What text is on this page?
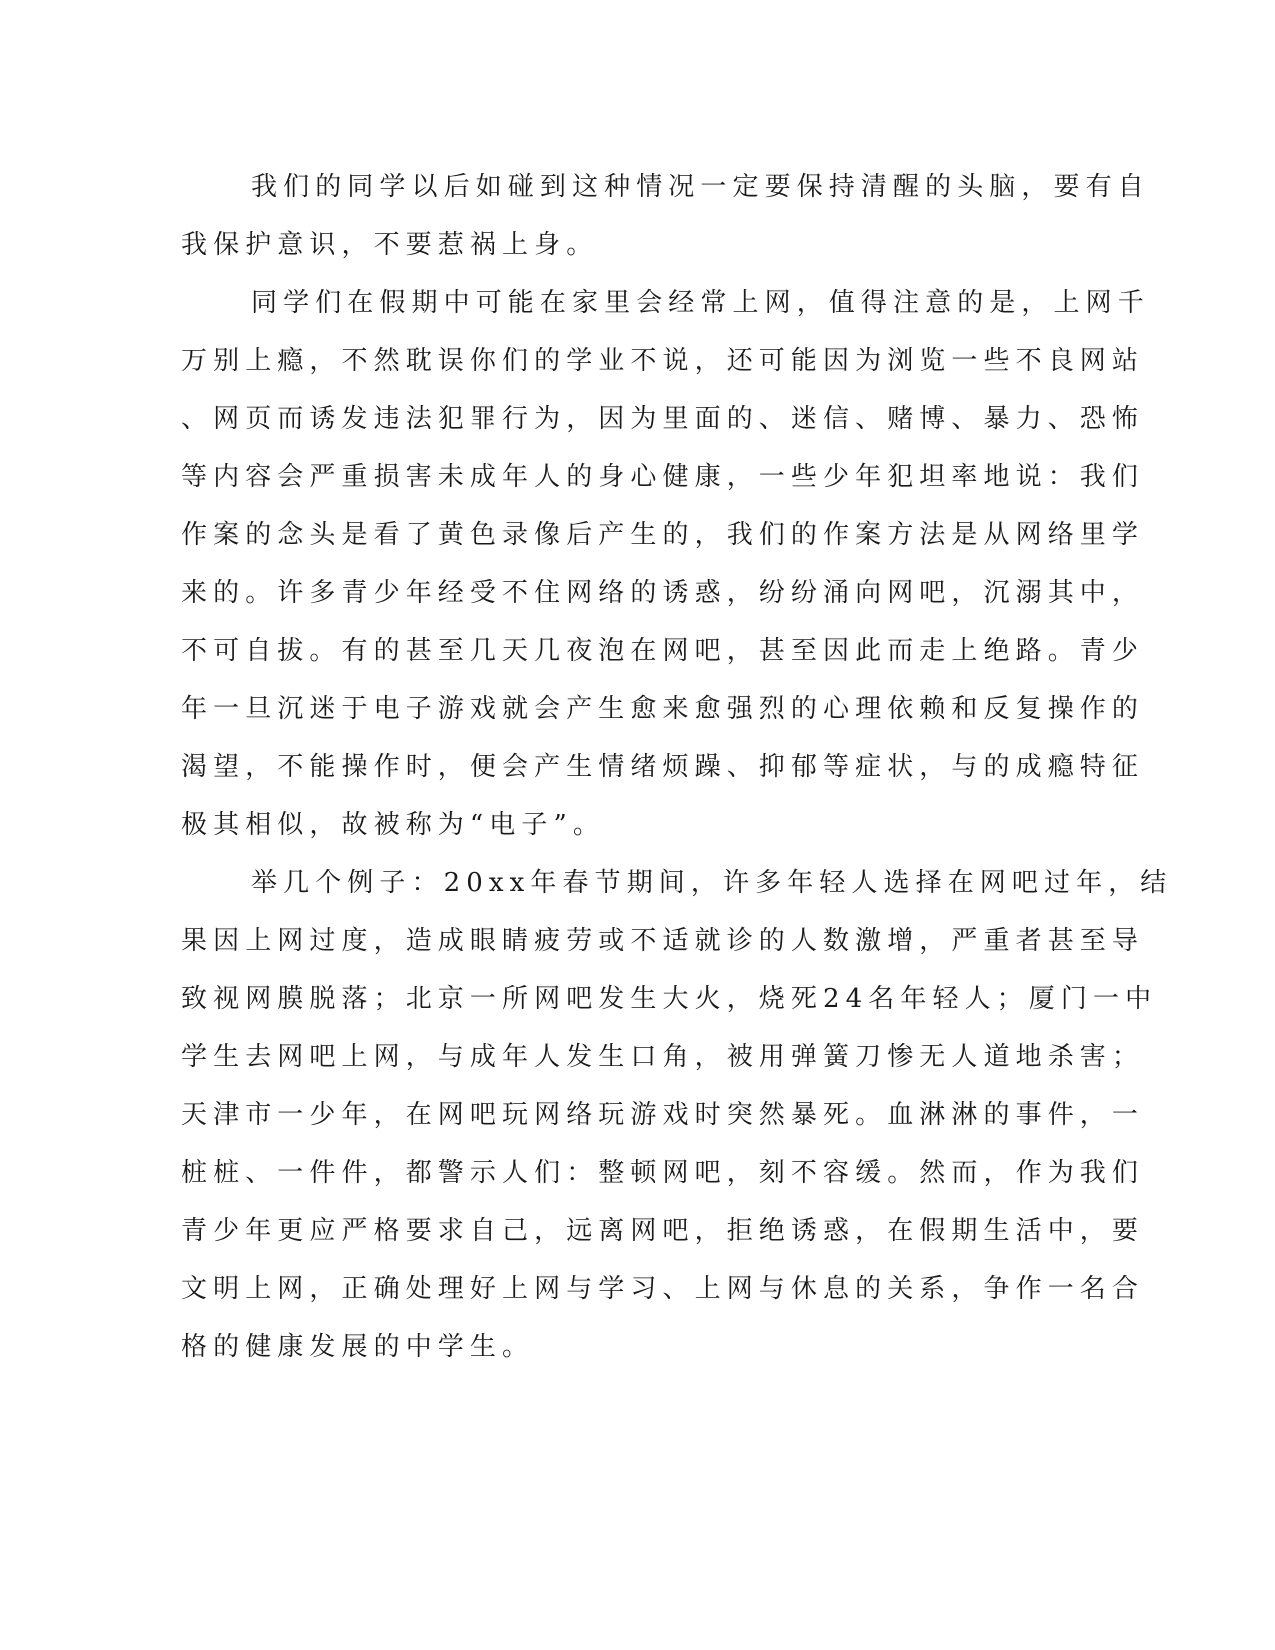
我们的同学以后如碰到这种情况一定要保持清醒的头脑，要有自
我保护意识，不要惹祸上身。
同学们在假期中可能在家里会经常上网，值得注意的是，上网千
万别上瘾，不然耽误你们的学业不说，还可能因为浏览一些不良网站
、网页而诱发违法犯罪行为，因为里面的、迷信、赌博、暴力、恐怖
等内容会严重损害未成年人的身心健康，一些少年犯坦率地说：我们
作案的念头是看了黄色录像后产生的，我们的作案方法是从网络里学
来的。许多青少年经受不住网络的诱惑，纷纷涌向网吧，沉溺其中，
不可自拔。有的甚至几天几夜泡在网吧，甚至因此而走上绝路。青少
年一旦沉迷于电子游戏就会产生愈来愈强烈的心理依赖和反复操作的
渴望，不能操作时，便会产生情绪烦躁、抑郁等症状，与的成瘾特征
极其相似，故被称为“电子”。
举几个例子：20xx年春节期间，许多年轻人选择在网吧过年，结
果因上网过度，造成眼睛疲劳或不适就诊的人数激增，严重者甚至导
致视网膜脱落；北京一所网吧发生大火，烧死24名年轻人；厦门一中
学生去网吧上网，与成年人发生口角，被用弹簧刀惨无人道地杀害；
天津市一少年，在网吧玩网络玩游戏时突然暴死。血淋淋的事件，一
桩桩、一件件，都警示人们：整顿网吧，刻不容缓。然而，作为我们
青少年更应严格要求自己，远离网吧，拒绝诱惑，在假期生活中，要
文明上网，正确处理好上网与学习、上网与休息的关系，争作一名合
格的健康发展的中学生。
